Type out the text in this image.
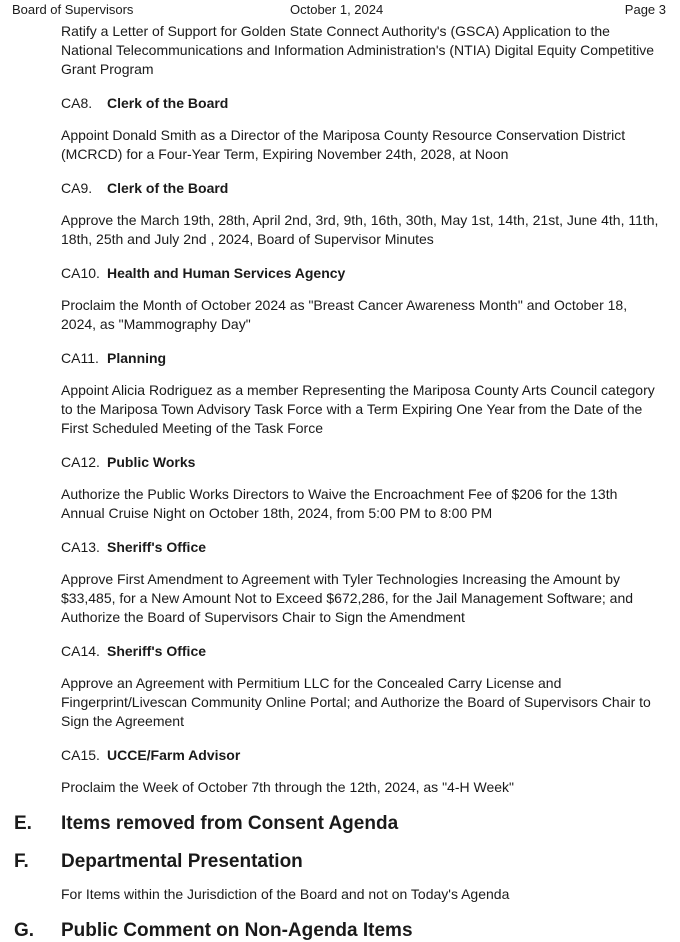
Board of Supervisors	October 1, 2024	Page 3
Ratify a Letter of Support for Golden State Connect Authority's (GSCA) Application to the National Telecommunications and Information Administration's (NTIA) Digital Equity Competitive Grant Program
CA8. Clerk of the Board
Appoint Donald Smith as a Director of the Mariposa County Resource Conservation District (MCRCD) for a Four-Year Term, Expiring November 24th, 2028, at Noon
CA9. Clerk of the Board
Approve the March 19th, 28th, April 2nd, 3rd, 9th, 16th, 30th, May 1st, 14th, 21st, June 4th, 11th, 18th, 25th and July 2nd , 2024, Board of Supervisor Minutes
CA10. Health and Human Services Agency
Proclaim the Month of October 2024 as "Breast Cancer Awareness Month" and October 18, 2024, as "Mammography Day"
CA11. Planning
Appoint Alicia Rodriguez as a member Representing the Mariposa County Arts Council category to the Mariposa Town Advisory Task Force with a Term Expiring One Year from the Date of the First Scheduled Meeting of the Task Force
CA12. Public Works
Authorize the Public Works Directors to Waive the Encroachment Fee of $206 for the 13th Annual Cruise Night on October 18th, 2024, from 5:00 PM to 8:00 PM
CA13. Sheriff's Office
Approve First Amendment to Agreement with Tyler Technologies Increasing the Amount by $33,485, for a New Amount Not to Exceed $672,286, for the Jail Management Software; and Authorize the Board of Supervisors Chair to Sign the Amendment
CA14. Sheriff's Office
Approve an Agreement with Permitium LLC for the Concealed Carry License and Fingerprint/Livescan Community Online Portal; and Authorize the Board of Supervisors Chair to Sign the Agreement
CA15. UCCE/Farm Advisor
Proclaim the Week of October 7th through the 12th, 2024, as "4-H Week"
E.	Items removed from Consent Agenda
F.	Departmental Presentation
For Items within the Jurisdiction of the Board and not on Today's Agenda
G.	Public Comment on Non-Agenda Items
